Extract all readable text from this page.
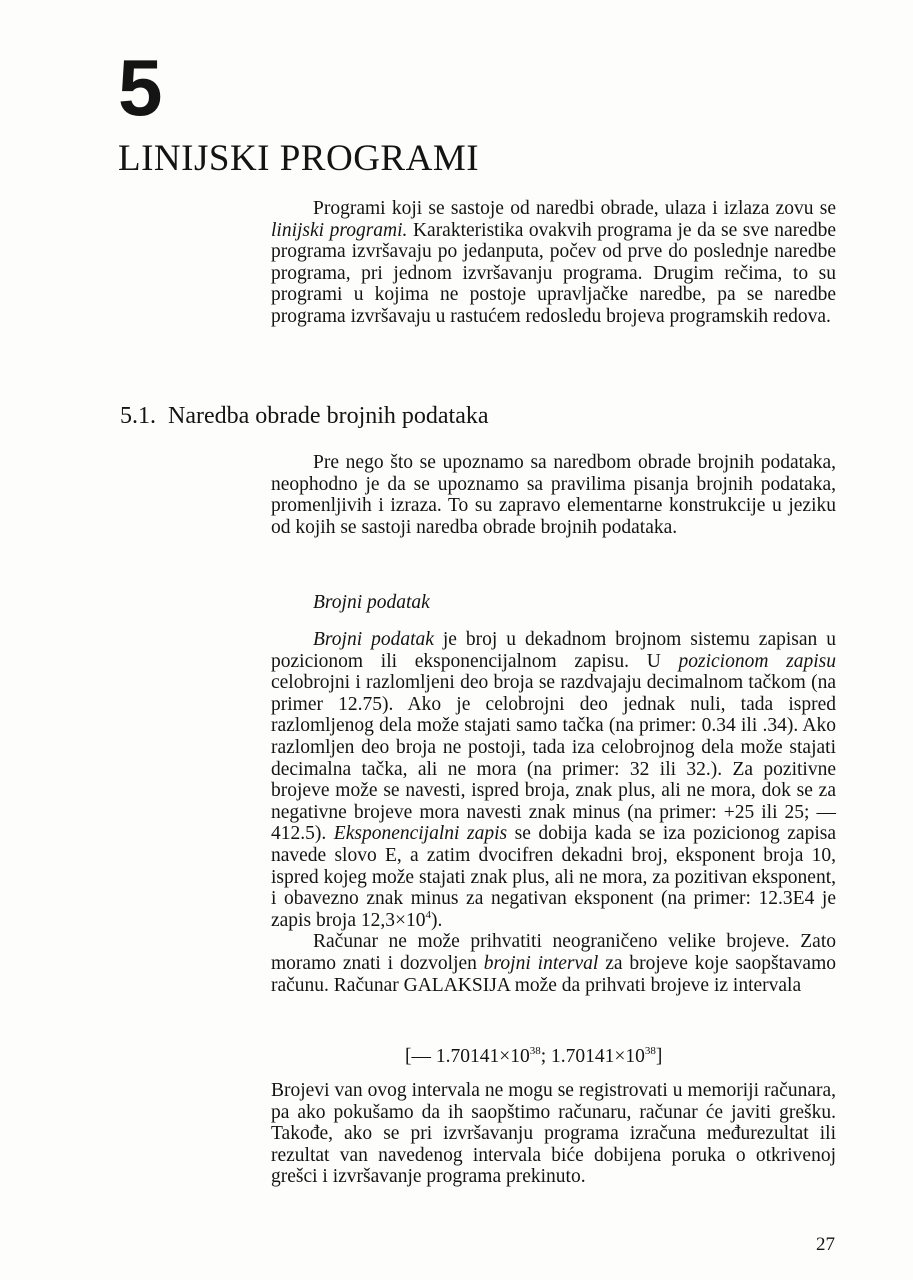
5
LINIJSKI PROGRAMI
Programi koji se sastoje od naredbi obrade, ulaza i izlaza zovu se linijski programi. Karakteristika ovakvih programa je da se sve naredbe programa izvršavaju po jedanputa, počev od prve do poslednje naredbe programa, pri jednom izvršavanju programa. Drugim rečima, to su programi u kojima ne postoje upravljačke naredbe, pa se naredbe programa izvršavaju u rastućem redosledu brojeva programskih redova.
5.1. Naredba obrade brojnih podataka
Pre nego što se upoznamo sa naredbom obrade brojnih podataka, neophodno je da se upoznamo sa pravilima pisanja brojnih podataka, promenljivih i izraza. To su zapravo elementarne konstrukcije u jeziku od kojih se sastoji naredba obrade brojnih podataka.
Brojni podatak

Brojni podatak je broj u dekadnom brojnom sistemu zapisan u pozicionom ili eksponencijalnom zapisu. U pozicionom zapisu celobrojni i razlomljeni deo broja se razdvajaju decimalnom tačkom (na primer 12.75). Ako je celobrojni deo jednak nuli, tada ispred razlomljenog dela može stajati samo tačka (na primer: 0.34 ili .34). Ako razlomljen deo broja ne postoji, tada iza celobrojnog dela može stajati decimalna tačka, ali ne mora (na primer: 32 ili 32.). Za pozitivne brojeve može se navesti, ispred broja, znak plus, ali ne mora, dok se za negativne brojeve mora navesti znak minus (na primer: +25 ili 25; —412.5). Eksponencijalni zapis se dobija kada se iza pozicionog zapisa navede slovo E, a zatim dvocifren dekadni broj, eksponent broja 10, ispred kojeg može stajati znak plus, ali ne mora, za pozitivan eksponent, i obavezno znak minus za negativan eksponent (na primer: 12.3E4 je zapis broja $12,3\times 10^4$).

Računar ne može prihvatiti neograničeno velike brojeve. Zato moramo znati i dozvoljen brojni interval za brojeve koje saopštavamo računu. Računar GALAKSIJA može da prihvati brojeve iz intervala

[— $1.70141\times 10^{38}$; $1.70141\times 10^{38}$]
Brojevi van ovog intervala ne mogu se registrovati u memoriji računara, pa ako pokušamo da ih saopštimo računaru, računar će javiti grešku. Takođe, ako se pri izvršavanju programa izračuna međurezultat ili rezultat van navedenog intervala biće dobijena poruka o otkrivenoj grešci i izvršavanje programa prekinuto.
27
